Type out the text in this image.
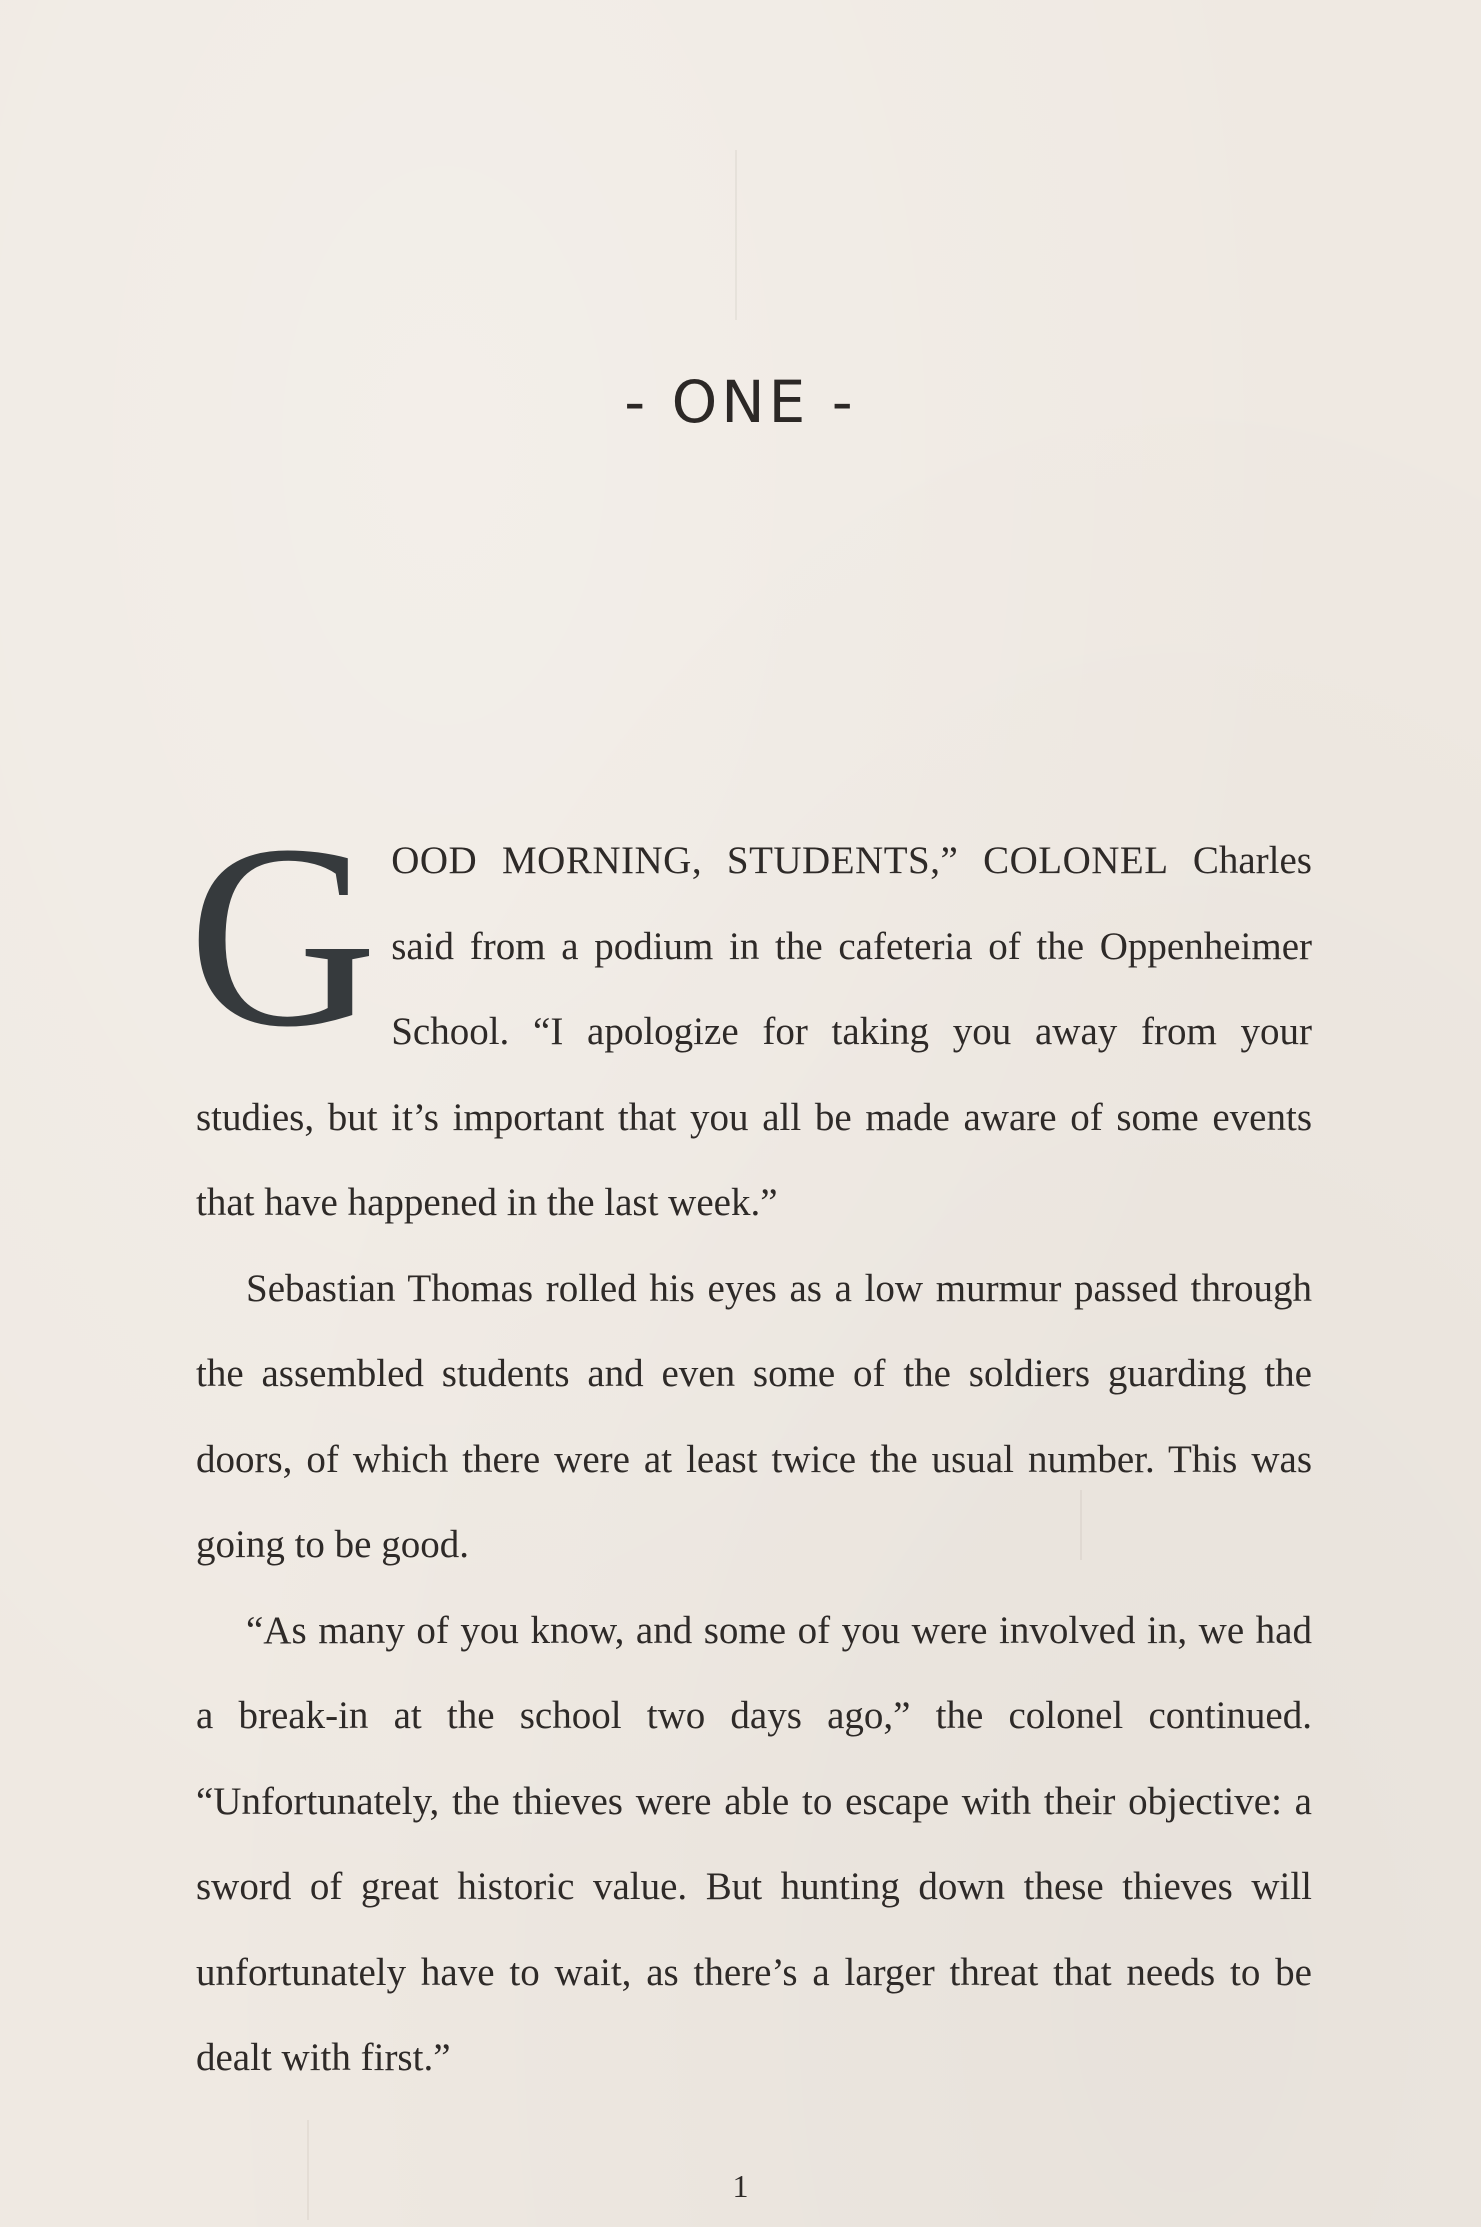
- ONE -

GOOD MORNING, STUDENTS,” COLONEL Charles said from a podium in the cafeteria of the Oppenheimer School. “I apologize for taking you away from your studies, but it’s important that you all be made aware of some events that have happened in the last week.”

Sebastian Thomas rolled his eyes as a low murmur passed through the assembled students and even some of the soldiers guarding the doors, of which there were at least twice the usual number. This was going to be good.

“As many of you know, and some of you were involved in, we had a break-in at the school two days ago,” the colonel continued. “Unfortunately, the thieves were able to escape with their objective: a sword of great historic value. But hunting down these thieves will unfortunately have to wait, as there’s a larger threat that needs to be dealt with first.”

1
